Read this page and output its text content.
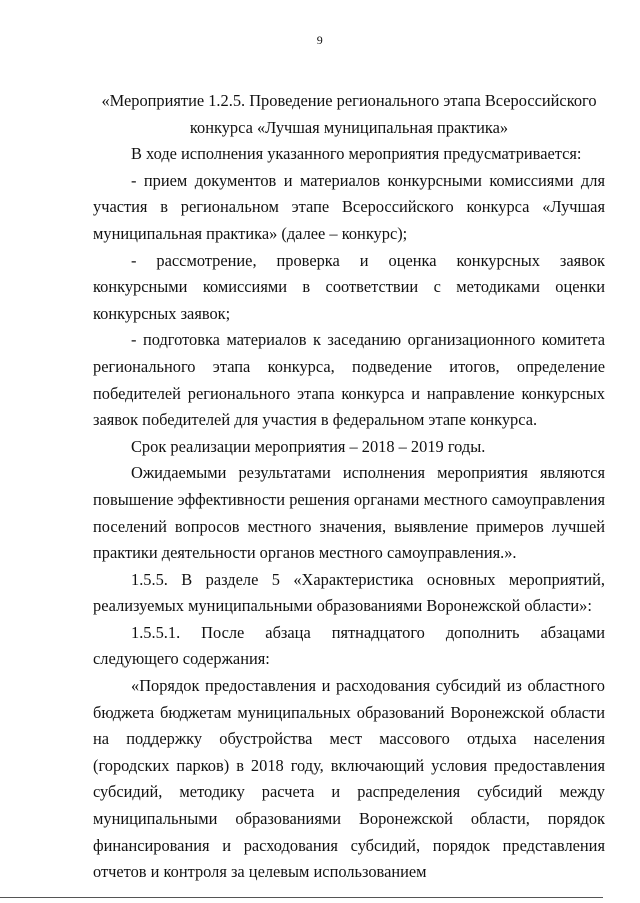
9

«Мероприятие 1.2.5. Проведение регионального этапа Всероссийского

конкурса «Лучшая муниципальная практика»

В ходе исполнения указанного мероприятия предусматривается:

- прием документов и материалов конкурсными комиссиями для участия в региональном этапе Всероссийского конкурса «Лучшая муниципальная практика» (далее – конкурс);

- рассмотрение, проверка и оценка конкурсных заявок конкурсными комиссиями в соответствии с методиками оценки конкурсных заявок;

- подготовка материалов к заседанию организационного комитета регионального этапа конкурса, подведение итогов, определение победителей регионального этапа конкурса и направление конкурсных заявок победителей для участия в федеральном этапе конкурса.

Срок реализации мероприятия – 2018 – 2019 годы.

Ожидаемыми результатами исполнения мероприятия являются повышение эффективности решения органами местного самоуправления поселений вопросов местного значения, выявление примеров лучшей практики деятельности органов местного самоуправления.».

1.5.5. В разделе 5 «Характеристика основных мероприятий, реализуемых муниципальными образованиями Воронежской области»:

1.5.5.1. После абзаца пятнадцатого дополнить абзацами следующего содержания:

«Порядок предоставления и расходования субсидий из областного бюджета бюджетам муниципальных образований Воронежской области на поддержку обустройства мест массового отдыха населения (городских парков) в 2018 году, включающий условия предоставления субсидий, методику расчета и распределения субсидий между муниципальными образованиями Воронежской области, порядок финансирования и расходования субсидий, порядок представления отчетов и контроля за целевым использованием
